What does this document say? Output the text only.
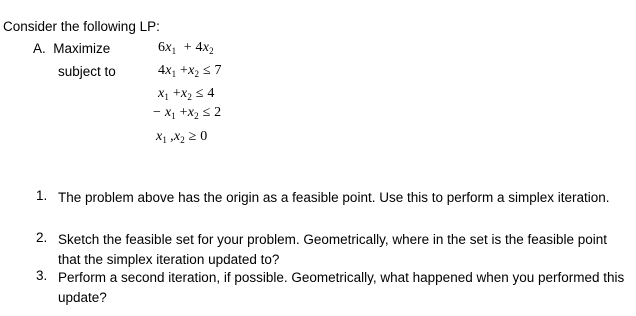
Consider the following LP:
A. Maximize	$6x_1 + 4x_2$
subject to	$4x_1 +x_2 \le 7$
$x_1 +x_2 \le 4$
− $x_1 +x_2 \le 2$
$x_1$ $,x_2 \ge 0$
1. The problem above has the origin as a feasible point. Use this to perform a simplex iteration.
2. Sketch the feasible set for your problem. Geometrically, where in the set is the feasible point that the simplex iteration updated to?
3. Perform a second iteration, if possible. Geometrically, what happened when you performed this update?
